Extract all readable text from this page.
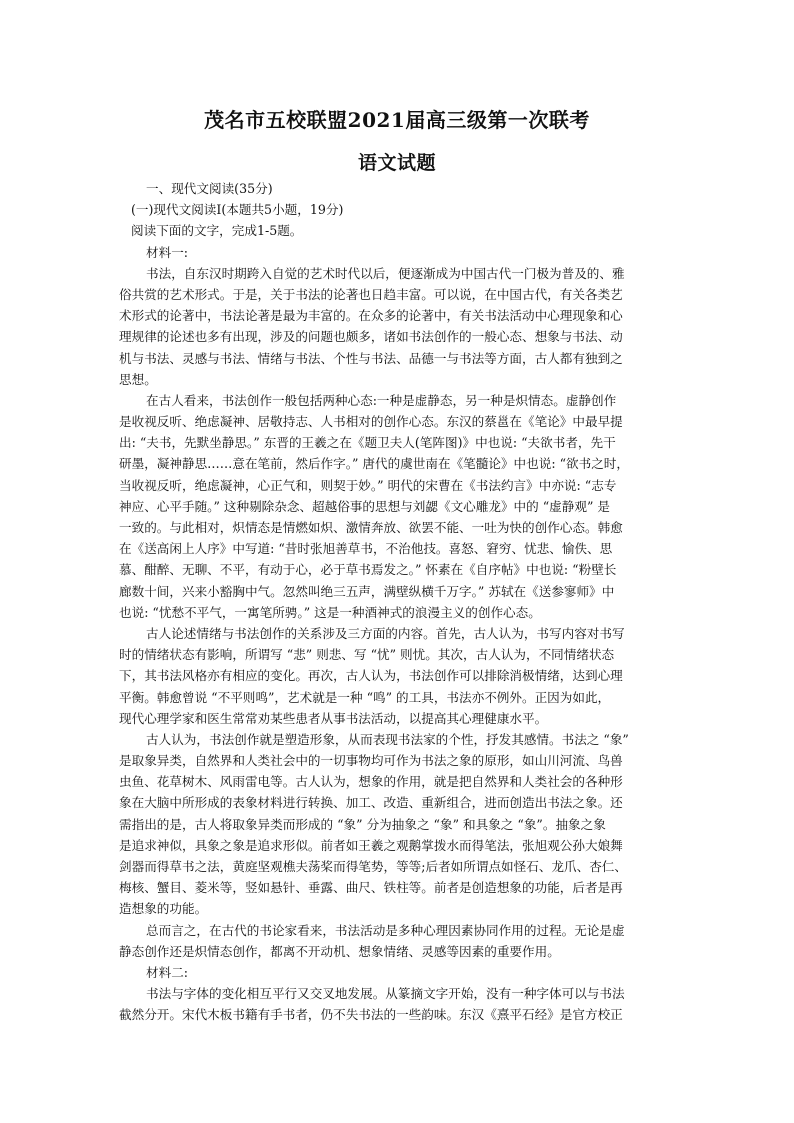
茂名市五校联盟2021届高三级第一次联考
语文试题
一、现代文阅读(35分)
(一)现代文阅读Ⅰ(本题共5小题，19分)
阅读下面的文字，完成1-5题。
材料一:
书法，自东汉时期跨入自觉的艺术时代以后，便逐渐成为中国古代一门极为普及的、雅
俗共赏的艺术形式。于是，关于书法的论著也日趋丰富。可以说，在中国古代，有关各类艺
术形式的论著中，书法论著是最为丰富的。在众多的论著中，有关书法活动中心理现象和心
理规律的论述也多有出现，涉及的问题也颇多，诸如书法创作的一般心态、想象与书法、动
机与书法、灵感与书法、情绪与书法、个性与书法、品德一与书法等方面，古人都有独到之
思想。
在古人看来，书法创作一般包括两种心态:一种是虚静态，另一种是炽情态。虚静创作
是收视反听、绝虑凝神、居敬持志、人书相对的创作心态。东汉的蔡邕在《笔论》中最早提
出: “夫书，先默坐静思。” 东晋的王羲之在《题卫夫人(笔阵图)》中也说: “夫欲书者，先干
研墨，凝神静思……意在笔前，然后作字。” 唐代的虞世南在《笔髓论》中也说: “欲书之时，
当收视反听，绝虑凝神，心正气和，则契于妙。” 明代的宋曹在《书法约言》中亦说: “志专
神应、心平手随。” 这种剔除杂念、超越俗事的思想与刘勰《文心雕龙》中的 “虚静观” 是
一致的。与此相对，炽情态是情燃如炽、激情奔放、欲罢不能、一吐为快的创作心态。韩愈
在《送高闲上人序》中写道: “昔时张旭善草书，不治他技。喜怒、窘穷、忧悲、愉佚、思
慕、酣醉、无聊、不平，有动于心，必于草书焉发之。” 怀素在《自序帖》中也说: “粉壁长
廊数十间，兴来小豁胸中气。忽然叫绝三五声，满壁纵横千万字。” 苏轼在《送参寥师》中
也说: “忧愁不平气，一寓笔所骋。” 这是一种酒神式的浪漫主义的创作心态。
古人论述情绪与书法创作的关系涉及三方面的内容。首先，古人认为，书写内容对书写
时的情绪状态有影响，所谓写 “悲” 则悲、写 “忧” 则忧。其次，古人认为，不同情绪状态
下，其书法风格亦有相应的变化。再次，古人认为，书法创作可以排除消极情绪，达到心理
平衡。韩愈曾说 “不平则鸣”，艺术就是一种 “鸣” 的工具，书法亦不例外。正因为如此，
现代心理学家和医生常常劝某些患者从事书法活动，以提高其心理健康水平。
古人认为，书法创作就是塑造形象，从而表现书法家的个性，抒发其感情。书法之 “象”
是取象异类，自然界和人类社会中的一切事物均可作为书法之象的原形，如山川河流、鸟兽
虫鱼、花草树木、风雨雷电等。古人认为，想象的作用，就是把自然界和人类社会的各种形
象在大脑中所形成的表象材料进行转换、加工、改造、重新组合，进而创造出书法之象。还
需指出的是，古人将取象异类而形成的 “象” 分为抽象之 “象” 和具象之 “象”。抽象之象
是追求神似，具象之象是追求形似。前者如王羲之观鹅掌拨水而得笔法，张旭观公孙大娘舞
剑器而得草书之法，黄庭坚观樵夫荡桨而得笔势，等等;后者如所谓点如怪石、龙爪、杏仁、
梅核、蟹目、菱米等，竖如悬针、垂露、曲尺、铁柱等。前者是创造想象的功能，后者是再
造想象的功能。
总而言之，在古代的书论家看来，书法活动是多种心理因素协同作用的过程。无论是虚
静态创作还是炽情态创作，都离不开动机、想象情绪、灵感等因素的重要作用。
材料二:
书法与字体的变化相互平行又交叉地发展。从篆摘文字开始，没有一种字体可以与书法
截然分开。宋代木板书籍有手书者，仍不失书法的一些韵味。东汉《熹平石经》是官方校正
